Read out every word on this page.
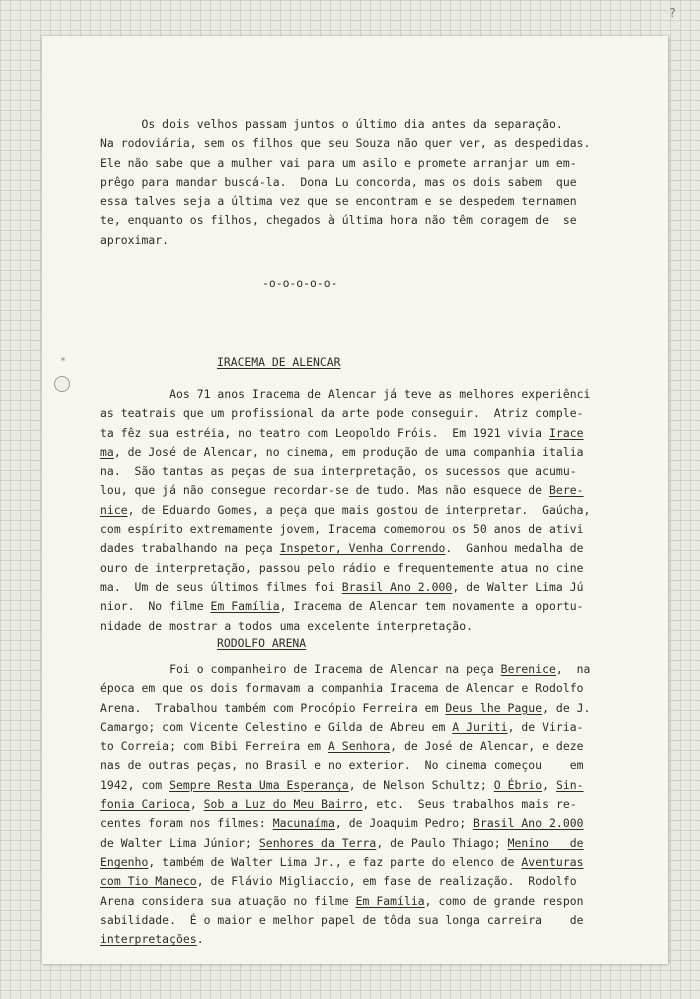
?
*
Os dois velhos passam juntos o último dia antes da separação.
Na rodoviária, sem os filhos que seu Souza não quer ver, as despedidas.
Ele não sabe que a mulher vai para um asilo e promete arranjar um em-
prêgo para mandar buscá-la.  Dona Lu concorda, mas os dois sabem  que
essa talves seja a última vez que se encontram e se despedem ternamen
te, enquanto os filhos, chegados à última hora não têm coragem de  se
aproximar.
-o-o-o-o-o-
IRACEMA DE ALENCAR
Aos 71 anos Iracema de Alencar já teve as melhores experiênci
as teatrais que um profissional da arte pode conseguir.  Atriz comple-
ta fêz sua estréia, no teatro com Leopoldo Fróis.  Em 1921 vivia Irace
ma, de José de Alencar, no cinema, em produção de uma companhia italia
na.  São tantas as peças de sua interpretação, os sucessos que acumu-
lou, que já não consegue recordar-se de tudo. Mas não esquece de Bere-
nice, de Eduardo Gomes, a peça que mais gostou de interpretar.  Gaúcha,
com espírito extremamente jovem, Iracema comemorou os 50 anos de ativi
dades trabalhando na peça Inspetor, Venha Correndo.  Ganhou medalha de
ouro de interpretação, passou pelo rádio e frequentemente atua no cine
ma.  Um de seus últimos filmes foi Brasil Ano 2.000, de Walter Lima Jú
nior.  No filme Em Família, Iracema de Alencar tem novamente a oportu-
nidade de mostrar a todos uma excelente interpretação.
RODOLFO ARENA
Foi o companheiro de Iracema de Alencar na peça Berenice,  na
época em que os dois formavam a companhia Iracema de Alencar e Rodolfo
Arena.  Trabalhou também com Procópio Ferreira em Deus lhe Pague, de J.
Camargo; com Vicente Celestino e Gilda de Abreu em A Juriti, de Viria-
to Correia; com Bibi Ferreira em A Senhora, de José de Alencar, e deze
nas de outras peças, no Brasil e no exterior.  No cinema começou    em
1942, com Sempre Resta Uma Esperança, de Nelson Schultz; O Ébrio, Sin-
fonia Carioca, Sob a Luz do Meu Bairro, etc.  Seus trabalhos mais re-
centes foram nos filmes: Macunaíma, de Joaquim Pedro; Brasil Ano 2.000
de Walter Lima Júnior; Senhores da Terra, de Paulo Thiago; Menino   de
Engenho, também de Walter Lima Jr., e faz parte do elenco de Aventuras
com Tio Maneco, de Flávio Migliaccio, em fase de realização.  Rodolfo
Arena considera sua atuação no filme Em Família, como de grande respon
sabilidade.  É o maior e melhor papel de tôda sua longa carreira    de
interpretações.
